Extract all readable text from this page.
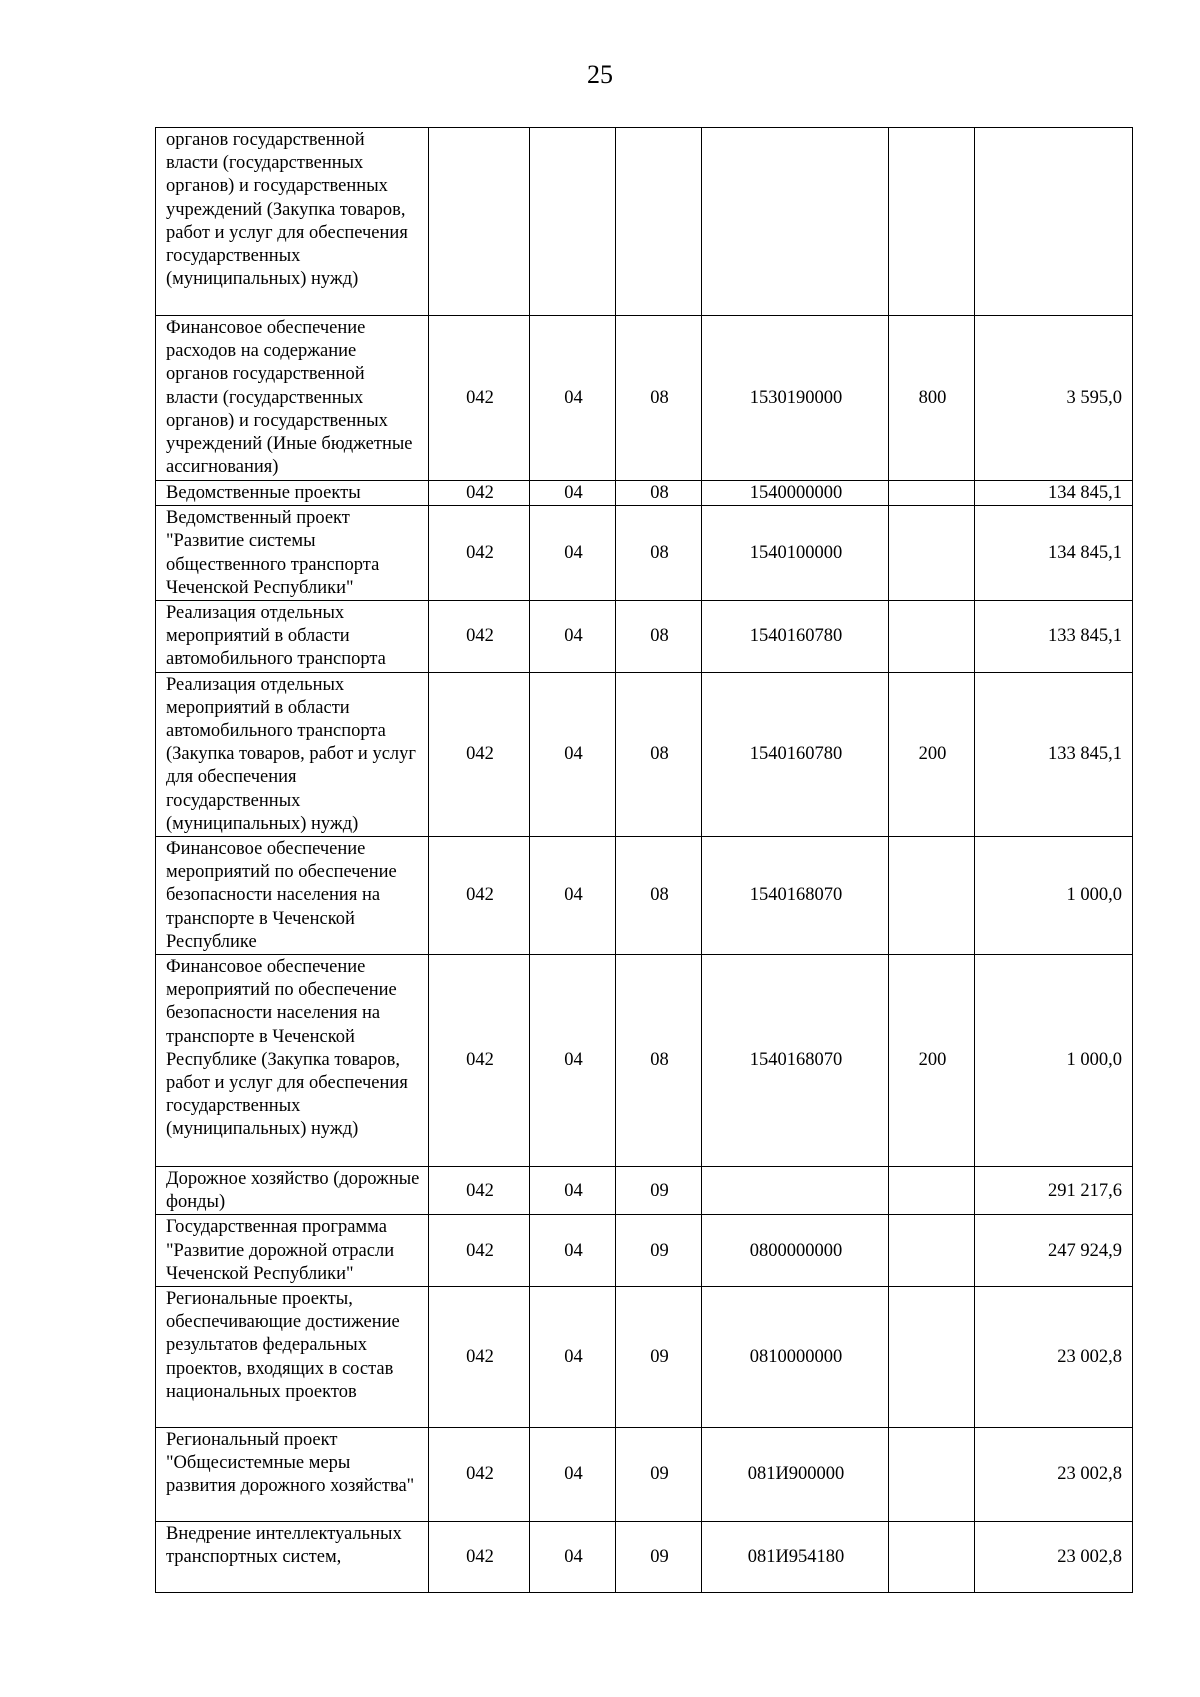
25
органов государственной власти (государственных органов) и государственных учреждений (Закупка товаров, работ и услуг для обеспечения государственных (муниципальных) нужд)						
Финансовое обеспечение расходов на содержание органов государственной власти (государственных органов) и государственных учреждений (Иные бюджетные ассигнования)	042	04	08	1530190000	800	3 595,0
Ведомственные проекты	042	04	08	1540000000		134 845,1
Ведомственный проект "Развитие системы общественного транспорта Чеченской Республики"	042	04	08	1540100000		134 845,1
Реализация отдельных мероприятий в области автомобильного транспорта	042	04	08	1540160780		133 845,1
Реализация отдельных мероприятий в области автомобильного транспорта (Закупка товаров, работ и услуг для обеспечения государственных (муниципальных) нужд)	042	04	08	1540160780	200	133 845,1
Финансовое обеспечение мероприятий по обеспечение безопасности населения на транспорте в Чеченской Республике	042	04	08	1540168070		1 000,0
Финансовое обеспечение мероприятий по обеспечение безопасности населения на транспорте в Чеченской Республике (Закупка товаров, работ и услуг для обеспечения государственных (муниципальных) нужд)	042	04	08	1540168070	200	1 000,0
Дорожное хозяйство (дорожные фонды)	042	04	09			291 217,6
Государственная программа "Развитие дорожной отрасли Чеченской Республики"	042	04	09	0800000000		247 924,9
Региональные проекты, обеспечивающие достижение результатов федеральных проектов, входящих в состав национальных проектов	042	04	09	0810000000		23 002,8
Региональный проект "Общесистемные меры развития дорожного хозяйства"	042	04	09	081И900000		23 002,8
Внедрение интеллектуальных транспортных систем,	042	04	09	081И954180		23 002,8
